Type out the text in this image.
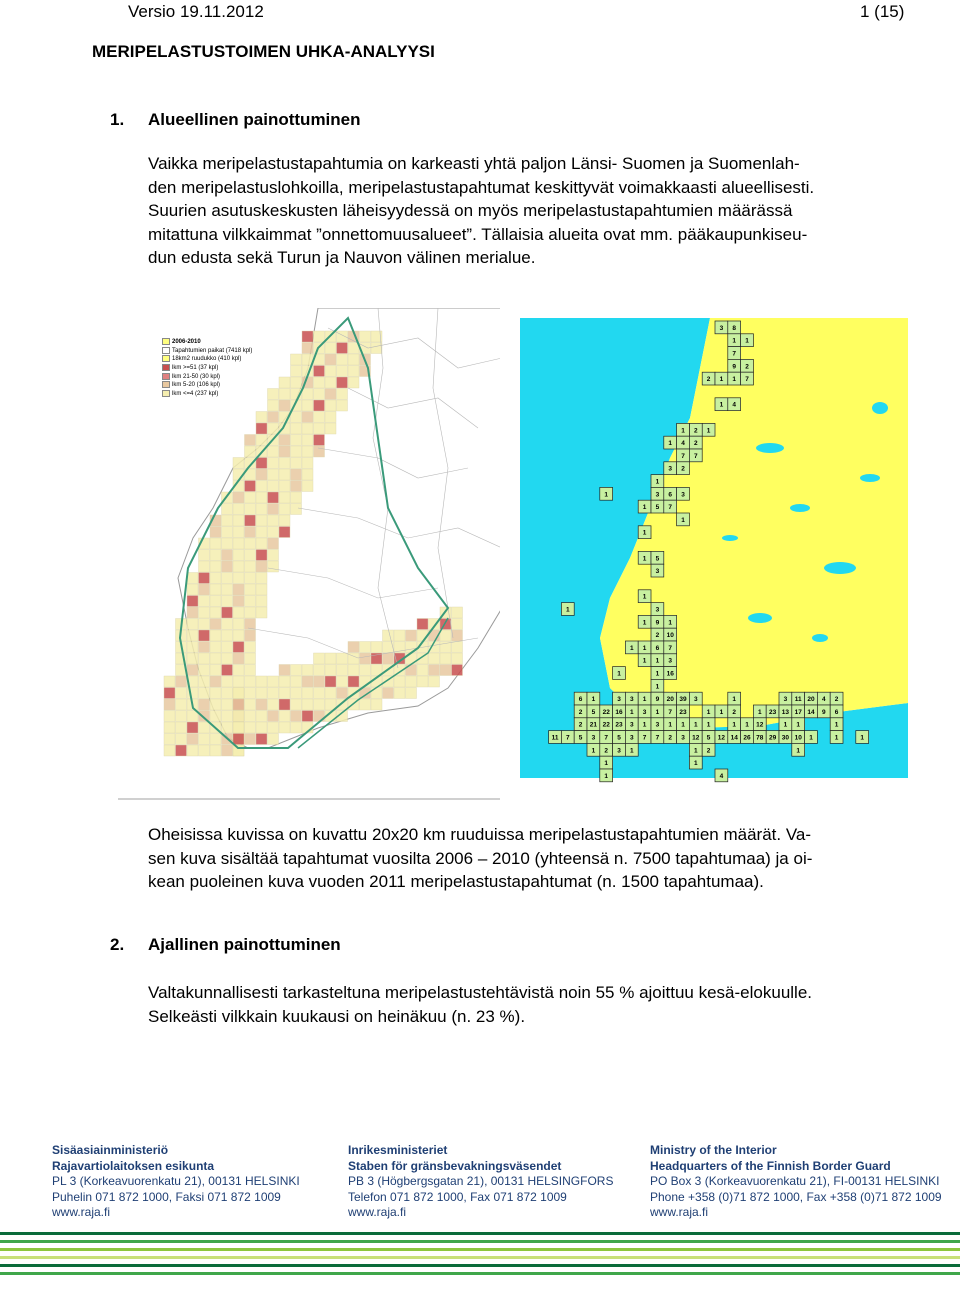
Versio 19.11.2012	1 (15)
MERIPELASTUSTOIMEN UHKA-ANALYYSI
1. Alueellinen painottuminen
Vaikka meripelastustapahtumia on karkeasti yhtä paljon Länsi- Suomen ja Suomenlah-
den meripelastuslohkoilla, meripelastustapahtumat keskittyvät voimakkaasti alueellisesti.
Suurien asutuskeskusten läheisyydessä on myös meripelastustapahtumien määrässä
mitattuna vilkkaimmat ”onnettomuusalueet”. Tällaisia alueita ovat mm. pääkaupunkiseu-
dun edusta sekä Turun ja Nauvon välinen merialue.
2006-2010
Tapahtumien paikat (7418 kpl)
18km2 ruudukko (410 kpl)
lkm >=51 (37 kpl)
lkm 21-50 (30 kpl)
lkm 5-20 (106 kpl)
lkm <=4 (237 kpl)
3 8
1 1
7
9 2
2 1 1 7
1 4
1
2
1
1 4 2
7 7
3 2
1
1	3 6 3
1 5 7
1
1
1 5
3
1
1	3
1 9 1
2 10
1 1 6 7
1 1 3
1	1 16
1
6 1	3 3 1 9 20 39 3	1	3 11 20 4 2
2 5 22 16 1 3 1 7 23	1 1 2	1 23 13 17 14 9 6
2 21 22 23 3 1 3 1 1 1 1	1 1 12	1 1	1
11 7 5 3 7 5 3 7 7 2 3 12 5 12 14 26 78 29 30 10 1	1	1
1 2 3 1	1 2	1
1	1
1	4
Oheisissa kuvissa on kuvattu 20x20 km ruuduissa meripelastustapahtumien määrät. Va-
sen kuva sisältää tapahtumat vuosilta 2006 – 2010 (yhteensä n. 7500 tapahtumaa) ja oi-
kean puoleinen kuva vuoden 2011 meripelastustapahtumat (n. 1500 tapahtumaa).
2. Ajallinen painottuminen
Valtakunnallisesti tarkasteltuna meripelastustehtävistä noin 55 % ajoittuu kesä-elokuulle.
Selkeästi vilkkain kuukausi on heinäkuu (n. 23 %).
Sisäasiainministeriö
Rajavartiolaitoksen esikunta
PL 3 (Korkeavuorenkatu 21), 00131 HELSINKI
Puhelin 071 872 1000, Faksi 071 872 1009
www.raja.fi
Inrikesministeriet
Staben för gränsbevakningsväsendet
PB 3 (Högbergsgatan 21), 00131 HELSINGFORS
Telefon 071 872 1000, Fax 071 872 1009
www.raja.fi
Ministry of the Interior
Headquarters of the Finnish Border Guard
PO Box 3 (Korkeavuorenkatu 21), FI-00131 HELSINKI
Phone +358 (0)71 872 1000, Fax +358 (0)71 872 1009
www.raja.fi
